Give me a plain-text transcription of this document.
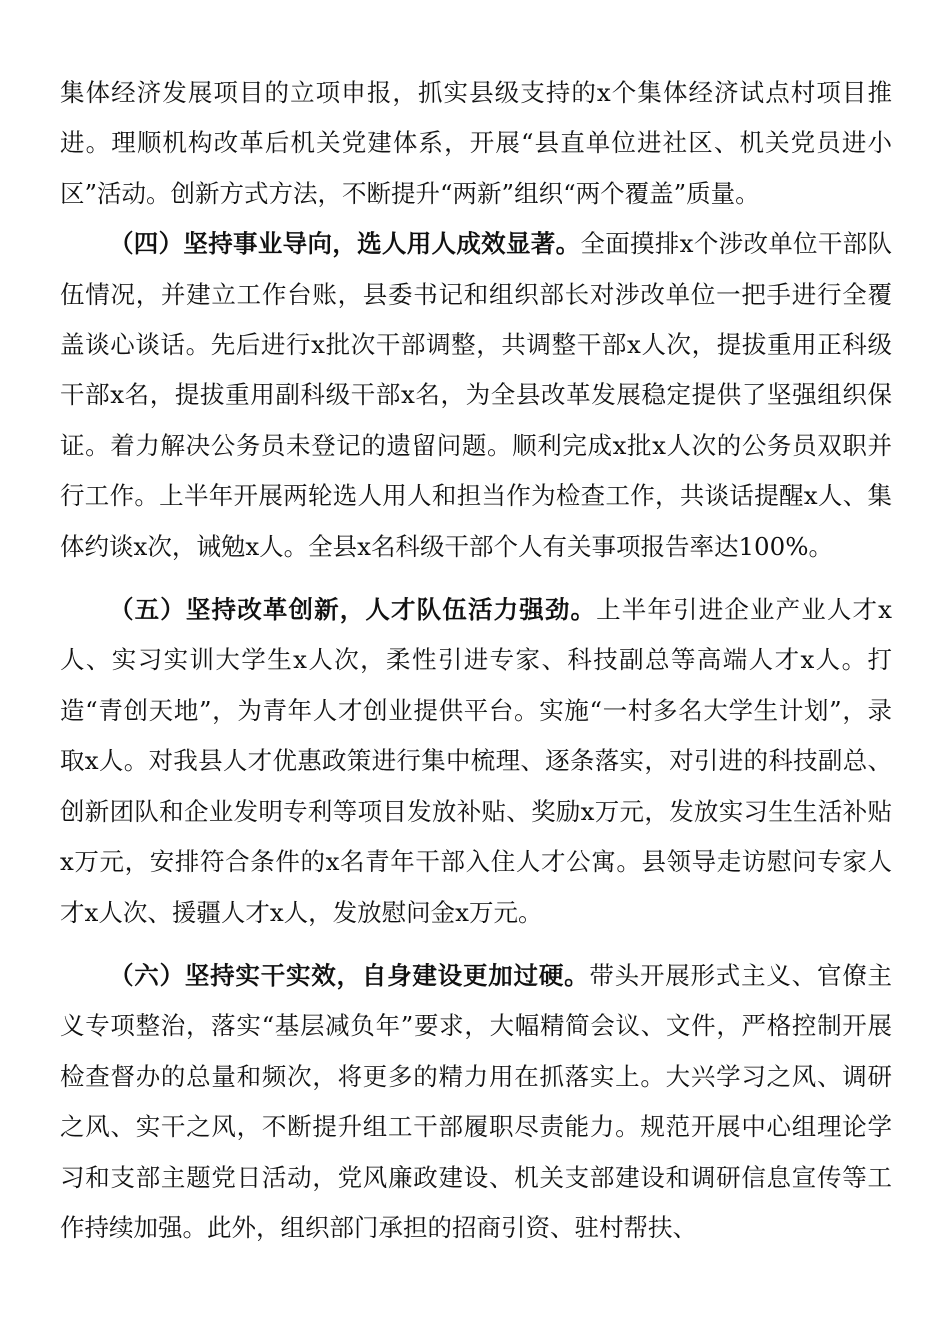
集体经济发展项目的立项申报，抓实县级支持的x个集体经济试点村项目推进。理顺机构改革后机关党建体系，开展“县直单位进社区、机关党员进小区”活动。创新方式方法，不断提升“两新”组织“两个覆盖”质量。

（四）坚持事业导向，选人用人成效显著。全面摸排x个涉改单位干部队伍情况，并建立工作台账，县委书记和组织部长对涉改单位一把手进行全覆盖谈心谈话。先后进行x批次干部调整，共调整干部x人次，提拔重用正科级干部x名，提拔重用副科级干部x名，为全县改革发展稳定提供了坚强组织保证。着力解决公务员未登记的遗留问题。顺利完成x批x人次的公务员双职并行工作。上半年开展两轮选人用人和担当作为检查工作，共谈话提醒x人、集体约谈x次，诫勉x人。全县x名科级干部个人有关事项报告率达100%。

（五）坚持改革创新，人才队伍活力强劲。上半年引进企业产业人才x人、实习实训大学生x人次，柔性引进专家、科技副总等高端人才x人。打造“青创天地”，为青年人才创业提供平台。实施“一村多名大学生计划”，录取x人。对我县人才优惠政策进行集中梳理、逐条落实，对引进的科技副总、创新团队和企业发明专利等项目发放补贴、奖励x万元，发放实习生生活补贴x万元，安排符合条件的x名青年干部入住人才公寓。县领导走访慰问专家人才x人次、援疆人才x人，发放慰问金x万元。

（六）坚持实干实效，自身建设更加过硬。带头开展形式主义、官僚主义专项整治，落实“基层减负年”要求，大幅精简会议、文件，严格控制开展检查督办的总量和频次，将更多的精力用在抓落实上。大兴学习之风、调研之风、实干之风，不断提升组工干部履职尽责能力。规范开展中心组理论学习和支部主题党日活动，党风廉政建设、机关支部建设和调研信息宣传等工作持续加强。此外，组织部门承担的招商引资、驻村帮扶、
